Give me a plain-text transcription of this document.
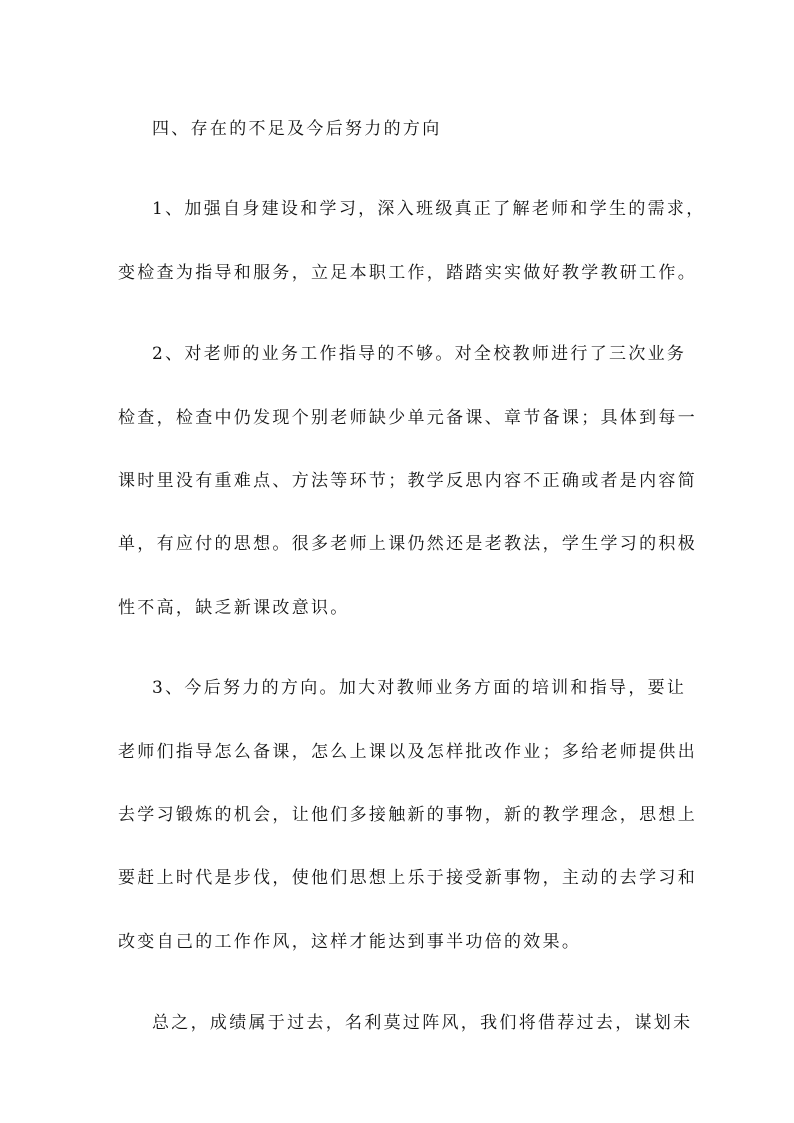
四、存在的不足及今后努力的方向
1、加强自身建设和学习，深入班级真正了解老师和学生的需求，
变检查为指导和服务，立足本职工作，踏踏实实做好教学教研工作。
2、对老师的业务工作指导的不够。对全校教师进行了三次业务
检查，检查中仍发现个别老师缺少单元备课、章节备课；具体到每一
课时里没有重难点、方法等环节；教学反思内容不正确或者是内容简
单，有应付的思想。很多老师上课仍然还是老教法，学生学习的积极
性不高，缺乏新课改意识。
3、今后努力的方向。加大对教师业务方面的培训和指导，要让
老师们指导怎么备课，怎么上课以及怎样批改作业；多给老师提供出
去学习锻炼的机会，让他们多接触新的事物，新的教学理念，思想上
要赶上时代是步伐，使他们思想上乐于接受新事物，主动的去学习和
改变自己的工作作风，这样才能达到事半功倍的效果。
总之，成绩属于过去，名利莫过阵风，我们将借荐过去，谋划未
